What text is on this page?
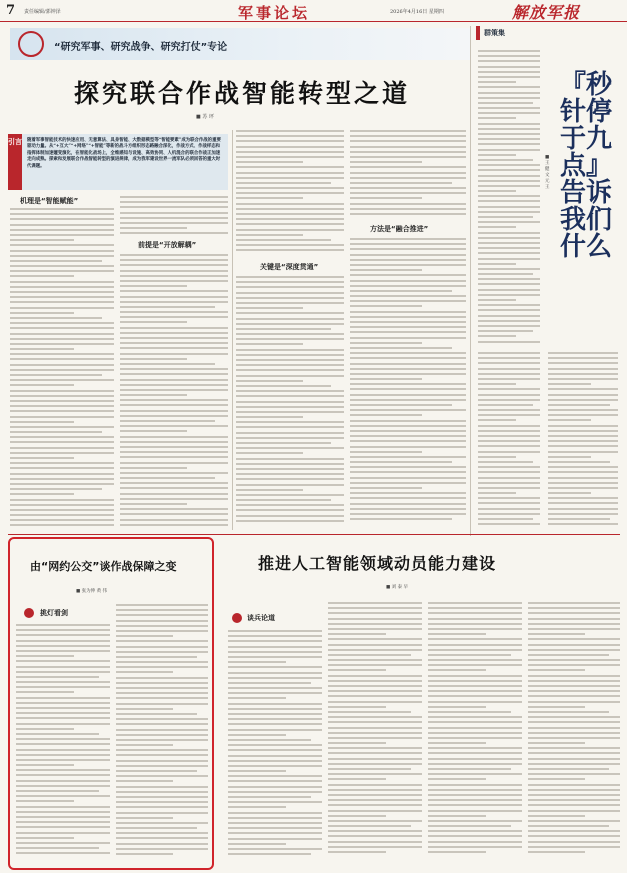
7 责任编辑/郭钟泽	军事论坛	2026年4月16日 星期四	解放军报
“研究军事、研究战争、研究打仗”专论
探究联合作战智能转型之道
■ 苏 坪
引言	随着军事智能技术的快速应用、无意算法、具身智能、大数据模型等“智能要素”成为联合作战的重要驱动力量。从“+互大”“+网络”“+智能”等新的战斗方组织形态路融合深化，作战方式、作战样态和指挥体制加速嬗变演化，在智能化战场上，全维感知与设施、高效协同、人机混合的联合作战正加速走向成熟。探索和发展联合作战智能转型的演进规律，成为我军建设世界一流军队必须回答的重大时代课题。
机理是“智能赋能”
前提是“开放解耦”
关键是“深度贯通”
方法是“融合推进”
群策集
『秒针停于九点』告诉我们什么
■ 王 健 文元 王
由“网约公交”谈作战保障之变
■ 张为伸 黄 伟
挑灯看剑
推进人工智能领域动员能力建设
■ 刘 泰 早
谈兵论道
